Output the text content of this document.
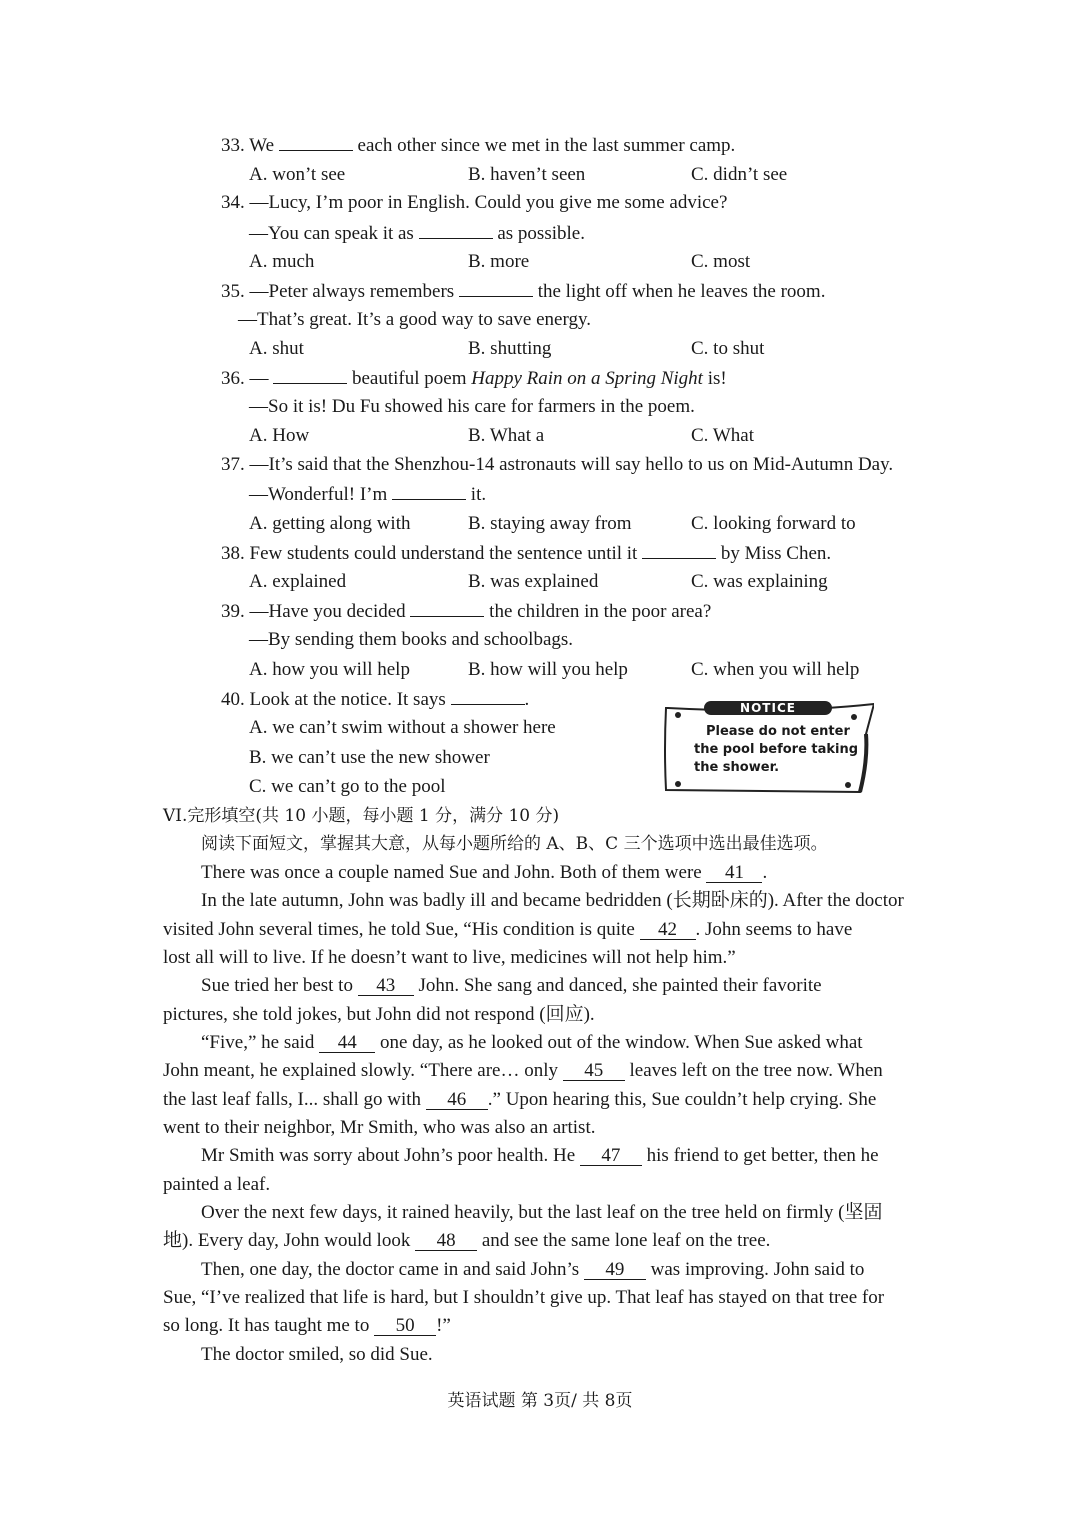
33. We	each other since we met in the last summer camp.
A. won’t see	B. haven’t seen	C. didn’t see
34. —Lucy, I’m poor in English. Could you give me some advice?
—You can speak it as	as possible.
A. much	B. more	C. most
35. —Peter always remembers	the light off when he leaves the room.
—That’s great. It’s a good way to save energy.
A. shut	B. shutting	C. to shut
36. —	beautiful poem Happy Rain on a Spring Night is!
—So it is! Du Fu showed his care for farmers in the poem.
A. How	B. What a	C. What
37. —It’s said that the Shenzhou-14 astronauts will say hello to us on Mid-Autumn Day.
—Wonderful! I’m	it.
A. getting along with	B. staying away from	C. looking forward to
38. Few students could understand the sentence until it	by Miss Chen.
A. explained	B. was explained	C. was explaining
39. —Have you decided	the children in the poor area?
—By sending them books and schoolbags.
A. how you will help	B. how will you help	C. when you will help
40. Look at the notice. It says	.
A. we can’t swim without a shower here
B. we can’t use the new shower
C. we can’t go to the pool
NOTICE
Please do not enter
the pool before taking
the shower.
VI.完形填空(共 10 小题，每小题 1 分，满分 10 分)
阅读下面短文，掌握其大意，从每小题所给的 A、B、C 三个选项中选出最佳选项。
There was once a couple named Sue and John. Both of them were 41 .
In the late autumn, John was badly ill and became bedridden (长期卧床的). After the doctor
visited John several times, he told Sue, “His condition is quite 42 . John seems to have
lost all will to live. If he doesn’t want to live, medicines will not help him.”
Sue tried her best to 43 John. She sang and danced, she painted their favorite
pictures, she told jokes, but John did not respond (回应).
“Five,” he said 44 one day, as he looked out of the window. When Sue asked what
John meant, he explained slowly. “There are… only 45 leaves left on the tree now. When
the last leaf falls, I... shall go with 46 .” Upon hearing this, Sue couldn’t help crying. She
went to their neighbor, Mr Smith, who was also an artist.
Mr Smith was sorry about John’s poor health. He 47 his friend to get better, then he
painted a leaf.
Over the next few days, it rained heavily, but the last leaf on the tree held on firmly (坚固
地). Every day, John would look 48 and see the same lone leaf on the tree.
Then, one day, the doctor came in and said John’s 49 was improving. John said to
Sue, “I’ve realized that life is hard, but I shouldn’t give up. That leaf has stayed on that tree for
so long. It has taught me to 50 !”
The doctor smiled, so did Sue.
英语试题 第 3页/ 共 8页
